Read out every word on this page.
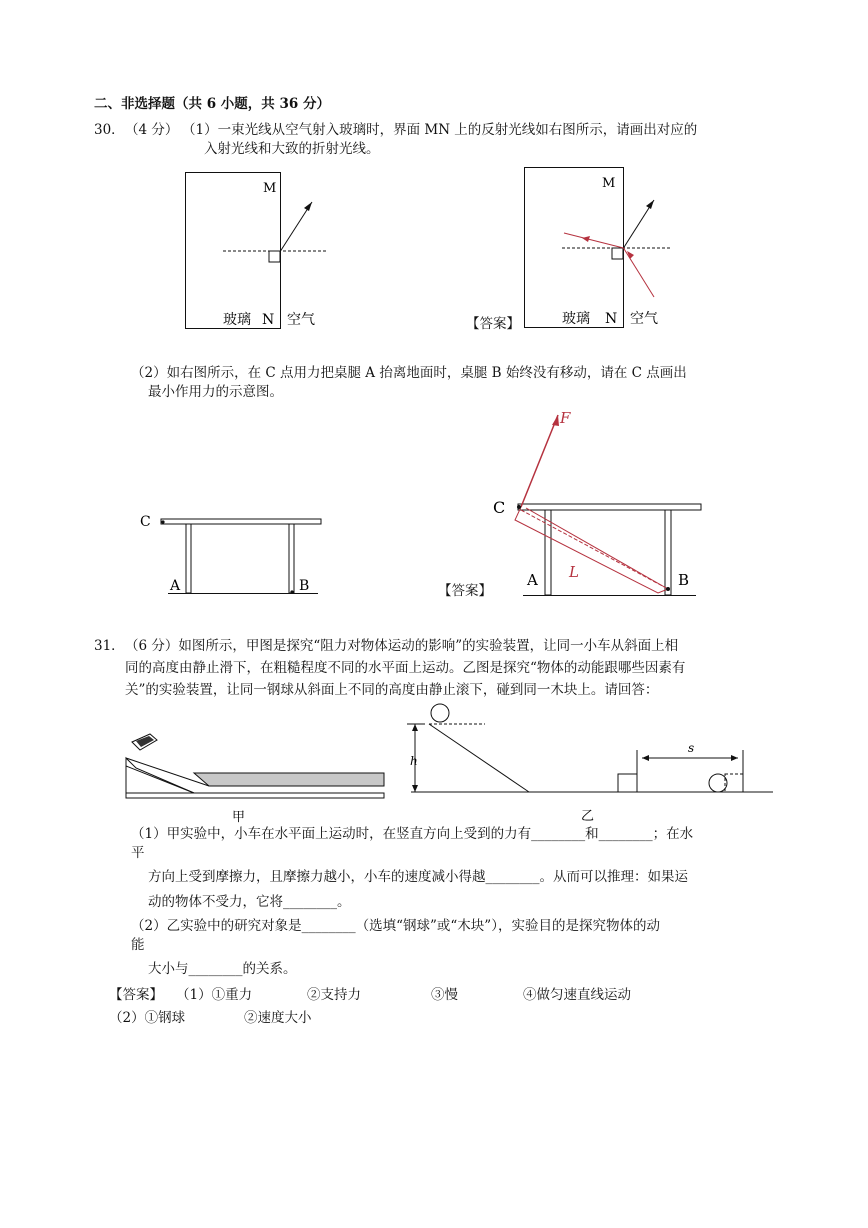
二、非选择题（共 6 小题，共 36 分）
30． （4 分） （1）一束光线从空气射入玻璃时，界面 MN 上的反射光线如右图所示，请画出对应的
入射光线和大致的折射光线。
M
玻璃 N 空气	【答案】
M
玻璃 N 空气
（2）如右图所示，在 C 点用力把桌腿 A 抬离地面时，桌腿 B 始终没有移动，请在 C 点画出
最小作用力的示意图。
C
A	B	【答案】
F
C
L
A	B
31． （6 分）如图所示，甲图是探究“阻力对物体运动的影响”的实验装置，让同一小车从斜面上相
同的高度由静止滑下，在粗糙程度不同的水平面上运动。乙图是探究“物体的动能跟哪些因素有
关”的实验装置，让同一钢球从斜面上不同的高度由静止滚下，碰到同一木块上。请回答：
甲
h
s
乙
（1）甲实验中，小车在水平面上运动时，在竖直方向上受到的力有________和________；在水
平
方向上受到摩擦力，且摩擦力越小，小车的速度减小得越________。从而可以推理：如果运
动的物体不受力，它将________。
（2）乙实验中的研究对象是________（选填“钢球”或“木块”），实验目的是探究物体的动
能
大小与________的关系。
【答案】 （1）①重力	②支持力	③慢	④做匀速直线运动
（2）①钢球	②速度大小
